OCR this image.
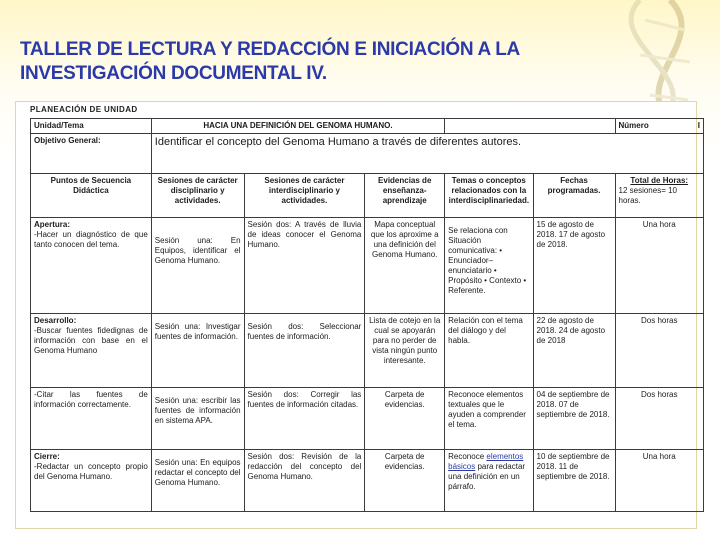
TALLER DE LECTURA Y REDACCIÓN E INICIACIÓN A LA
INVESTIGACIÓN DOCUMENTAL IV.
PLANEACIÓN DE UNIDAD
Unidad/Tema	HACIA UNA DEFINICIÓN DEL GENOMA HUMANO.					Número I

Objetivo General:	Identificar el concepto del Genoma Humano a través de diferentes autores.					
Puntos de Secuencia Didáctica	Sesiones de carácter disciplinario y actividades.	Sesiones de carácter interdisciplinario y actividades.	Evidencias de enseñanza-aprendizaje	Temas o conceptos relacionados con la interdisciplinariedad.	Fechas programadas.	Total de Horas:
12 sesiones= 10 horas.

Apertura:
-Hacer un diagnóstico de que tanto conocen del tema.	Sesión una: En Equipos, identificar el Genoma Humano.	Sesión dos: A través de lluvia de ideas conocer el Genoma Humano.	Mapa conceptual que los aproxime a una definición del Genoma Humano.	Se relaciona con Situación comunicativa: • Enunciador– enunciatario • Propósito • Contexto • Referente.	15 de agosto de 2018. 17 de agosto de 2018.	Una hora
Desarrollo:
-Buscar fuentes fidedignas de información con base en el Genoma Humano	Sesión una: Investigar fuentes de información.	Sesión dos: Seleccionar fuentes de información.	Lista de cotejo en la cual se apoyarán para no perder de vista ningún punto interesante.	Relación con el tema del diálogo y del habla.	22 de agosto de 2018. 24 de agosto de 2018	Dos horas
-Citar las fuentes de información correctamente.	Sesión una: escribir las fuentes de información en sistema APA.	Sesión dos: Corregir las fuentes de información citadas.	Carpeta de evidencias.	Reconoce elementos textuales que le ayuden a comprender el tema.	04 de septiembre de 2018. 07 de septiembre de 2018.	Dos horas
Cierre:
-Redactar un concepto propio del Genoma Humano.	Sesión una: En equipos redactar el concepto del Genoma Humano.	Sesión dos: Revisión de la redacción del concepto del Genoma Humano.	Carpeta de evidencias.	Reconoce elementos básicos para redactar una definición en un párrafo.	10 de septiembre de 2018. 11 de septiembre de 2018.	Una hora
